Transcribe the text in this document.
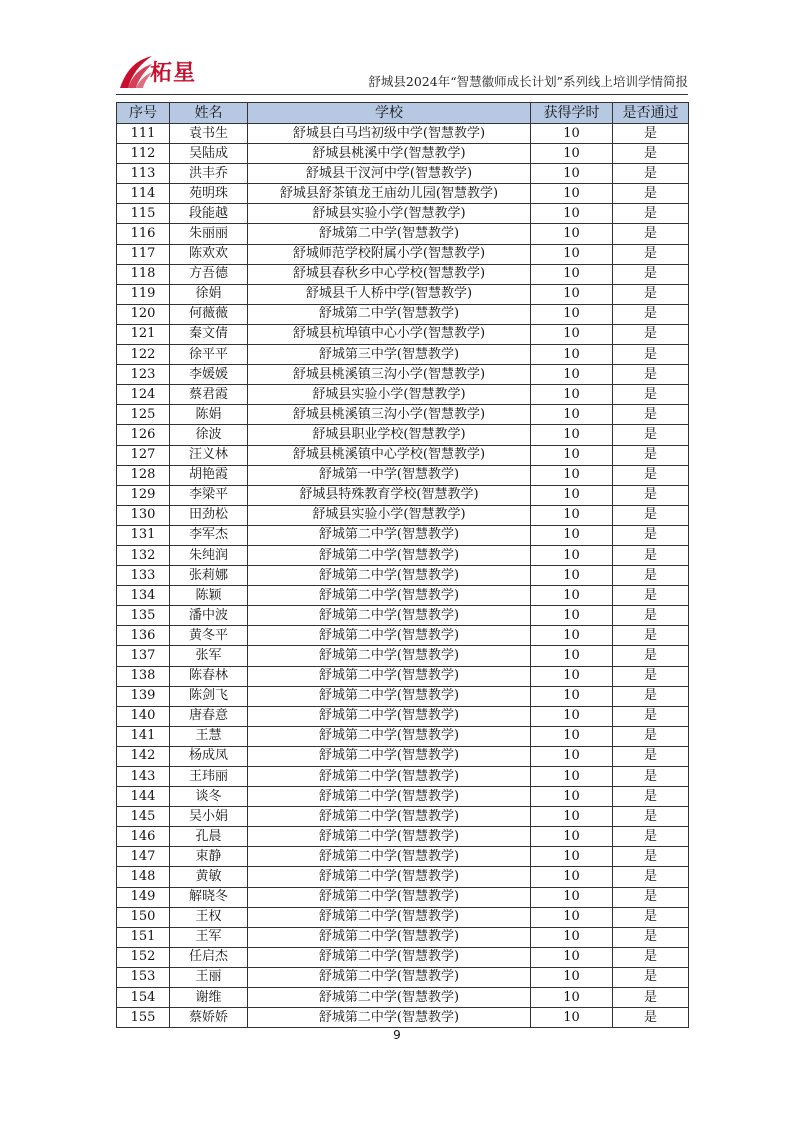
柘星	舒城县2024年“智慧徽师成长计划”系列线上培训学情简报
序号	姓名	学校	获得学时	是否通过
111	袁书生	舒城县白马垱初级中学(智慧教学)	10	是
112	吴陆成	舒城县桃溪中学(智慧教学)	10	是
113	洪丰乔	舒城县干汊河中学(智慧教学)	10	是
114	苑明珠	舒城县舒茶镇龙王庙幼儿园(智慧教学)	10	是
115	段能越	舒城县实验小学(智慧教学)	10	是
116	朱丽丽	舒城第二中学(智慧教学)	10	是
117	陈欢欢	舒城师范学校附属小学(智慧教学)	10	是
118	方吾德	舒城县春秋乡中心学校(智慧教学)	10	是
119	徐娟	舒城县千人桥中学(智慧教学)	10	是
120	何薇薇	舒城第二中学(智慧教学)	10	是
121	秦文倩	舒城县杭埠镇中心小学(智慧教学)	10	是
122	徐平平	舒城第三中学(智慧教学)	10	是
123	李媛媛	舒城县桃溪镇三沟小学(智慧教学)	10	是
124	蔡君霞	舒城县实验小学(智慧教学)	10	是
125	陈娟	舒城县桃溪镇三沟小学(智慧教学)	10	是
126	徐波	舒城县职业学校(智慧教学)	10	是
127	汪义林	舒城县桃溪镇中心学校(智慧教学)	10	是
128	胡艳霞	舒城第一中学(智慧教学)	10	是
129	李梁平	舒城县特殊教育学校(智慧教学)	10	是
130	田劲松	舒城县实验小学(智慧教学)	10	是
131	李军杰	舒城第二中学(智慧教学)	10	是
132	朱纯润	舒城第二中学(智慧教学)	10	是
133	张莉娜	舒城第二中学(智慧教学)	10	是
134	陈颖	舒城第二中学(智慧教学)	10	是
135	潘中波	舒城第二中学(智慧教学)	10	是
136	黄冬平	舒城第二中学(智慧教学)	10	是
137	张军	舒城第二中学(智慧教学)	10	是
138	陈春林	舒城第二中学(智慧教学)	10	是
139	陈剑飞	舒城第二中学(智慧教学)	10	是
140	唐春意	舒城第二中学(智慧教学)	10	是
141	王慧	舒城第二中学(智慧教学)	10	是
142	杨成凤	舒城第二中学(智慧教学)	10	是
143	王玮丽	舒城第二中学(智慧教学)	10	是
144	谈冬	舒城第二中学(智慧教学)	10	是
145	吴小娟	舒城第二中学(智慧教学)	10	是
146	孔晨	舒城第二中学(智慧教学)	10	是
147	束静	舒城第二中学(智慧教学)	10	是
148	黄敏	舒城第二中学(智慧教学)	10	是
149	解晓冬	舒城第二中学(智慧教学)	10	是
150	王权	舒城第二中学(智慧教学)	10	是
151	王军	舒城第二中学(智慧教学)	10	是
152	任启杰	舒城第二中学(智慧教学)	10	是
153	王丽	舒城第二中学(智慧教学)	10	是
154	谢维	舒城第二中学(智慧教学)	10	是
155	蔡娇娇	舒城第二中学(智慧教学)	10	是
9
